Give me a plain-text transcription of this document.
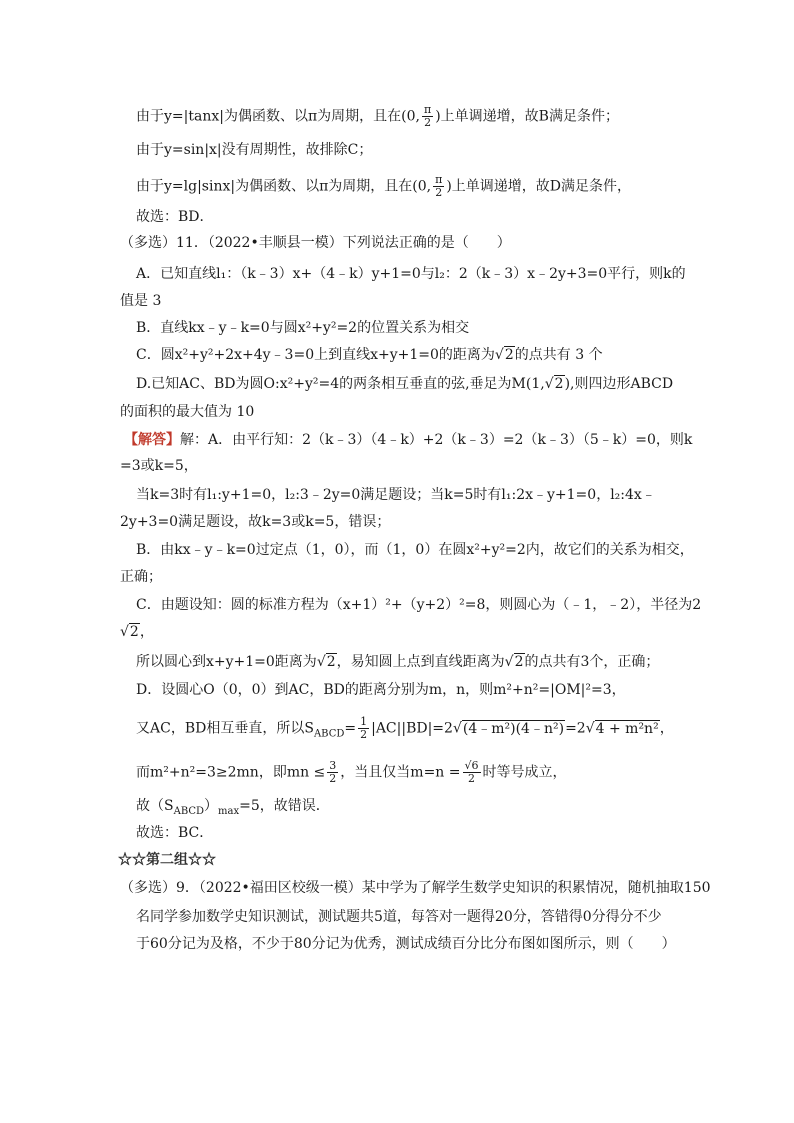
由于y=|tanx|为偶函数、以π为周期，且在(0, $\frac{\pi}{2}$ )上单调递增，故B满足条件；
由于y=sin|x|没有周期性，故排除C；
由于y=lg|sinx|为偶函数、以π为周期，且在(0, $\frac{\pi}{2}$ )上单调递增，故D满足条件，
故选：BD．
（多选）11．（2022•丰顺县一模）下列说法正确的是（　　）
A．已知直线l₁：（k﹣3）x+（4﹣k）y+1=0与l₂：2（k﹣3）x﹣2y+3=0平行，则k的
值是 3
B．直线kx﹣y﹣k=0与圆x²+y²=2的位置关系为相交
C．圆x²+y²+2x+4y﹣3=0上到直线x+y+1=0的距离为√2的点共有 3 个
D.已知AC、BD为圆O:x²+y²=4的两条相互垂直的弦,垂足为M(1,√2),则四边形ABCD
的面积的最大值为 10
【解答】解：A．由平行知：2（k﹣3）（4﹣k）+2（k﹣3）=2（k﹣3）（5﹣k）=0，则k
=3或k=5，
当k=3时有l₁:y+1=0，l₂:3﹣2y=0满足题设；当k=5时有l₁:2x﹣y+1=0，l₂:4x﹣
2y+3=0满足题设，故k=3或k=5，错误；
B．由kx﹣y﹣k=0过定点（1，0），而（1，0）在圆x²+y²=2内，故它们的关系为相交，
正确；
C．由题设知：圆的标准方程为（x+1）²+（y+2）²=8，则圆心为（﹣1，﹣2），半径为2
√2，
所以圆心到x+y+1=0距离为√2，易知圆上点到直线距离为√2的点共有3个，正确；
D．设圆心O（0，0）到AC，BD的距离分别为m，n，则m²+n²=|OM|²=3，
又AC，BD相互垂直，所以$S_{ABCD}= \frac{1}{2}$ |AC||BD|=2√(4﹣m²)(4﹣n²)=2√4 + m²n²，
而m²+n²=3≥2mn，即mn ≤ $\frac{3}{2}$ ，当且仅当$m=n = \frac{√6}{2}$ 时等号成立，
故$(S_{ABCD})_{max}=5$，故错误．
故选：BC．
☆☆第二组☆☆
（多选）9．（2022•福田区校级一模）某中学为了解学生数学史知识的积累情况，随机抽取150
名同学参加数学史知识测试，测试题共5道，每答对一题得20分，答错得0分得分不少
于60分记为及格，不少于80分记为优秀，测试成绩百分比分布图如图所示，则（　　）
